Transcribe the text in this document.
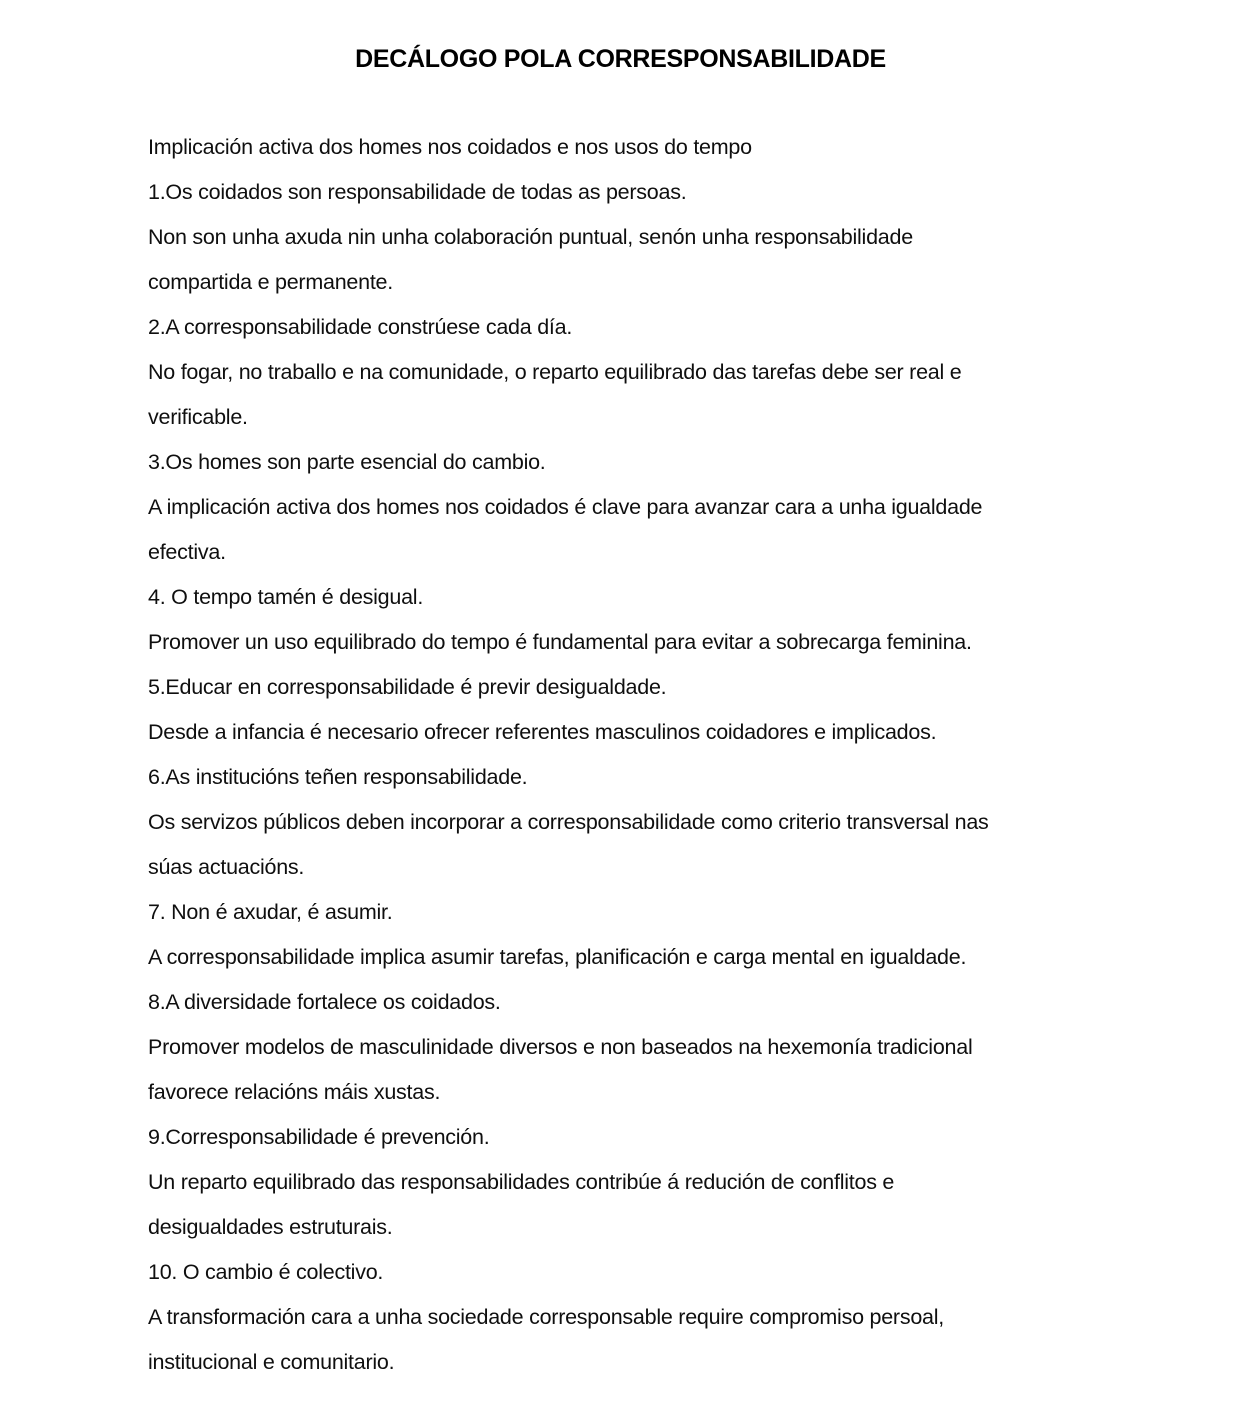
DECÁLOGO POLA CORRESPONSABILIDADE
Implicación activa dos homes nos coidados e nos usos do tempo
1.Os coidados son responsabilidade de todas as persoas.
Non son unha axuda nin unha colaboración puntual, senón unha responsabilidade
compartida e permanente.
2.A corresponsabilidade constrúese cada día.
No fogar, no traballo e na comunidade, o reparto equilibrado das tarefas debe ser real e
verificable.
3.Os homes son parte esencial do cambio.
A implicación activa dos homes nos coidados é clave para avanzar cara a unha igualdade
efectiva.
4. O tempo tamén é desigual.
Promover un uso equilibrado do tempo é fundamental para evitar a sobrecarga feminina.
5.Educar en corresponsabilidade é previr desigualdade.
Desde a infancia é necesario ofrecer referentes masculinos coidadores e implicados.
6.As institucións teñen responsabilidade.
Os servizos públicos deben incorporar a corresponsabilidade como criterio transversal nas
súas actuacións.
7. Non é axudar, é asumir.
A corresponsabilidade implica asumir tarefas, planificación e carga mental en igualdade.
8.A diversidade fortalece os coidados.
Promover modelos de masculinidade diversos e non baseados na hexemonía tradicional
favorece relacións máis xustas.
9.Corresponsabilidade é prevención.
Un reparto equilibrado das responsabilidades contribúe á redución de conflitos e
desigualdades estruturais.
10. O cambio é colectivo.
A transformación cara a unha sociedade corresponsable require compromiso persoal,
institucional e comunitario.
